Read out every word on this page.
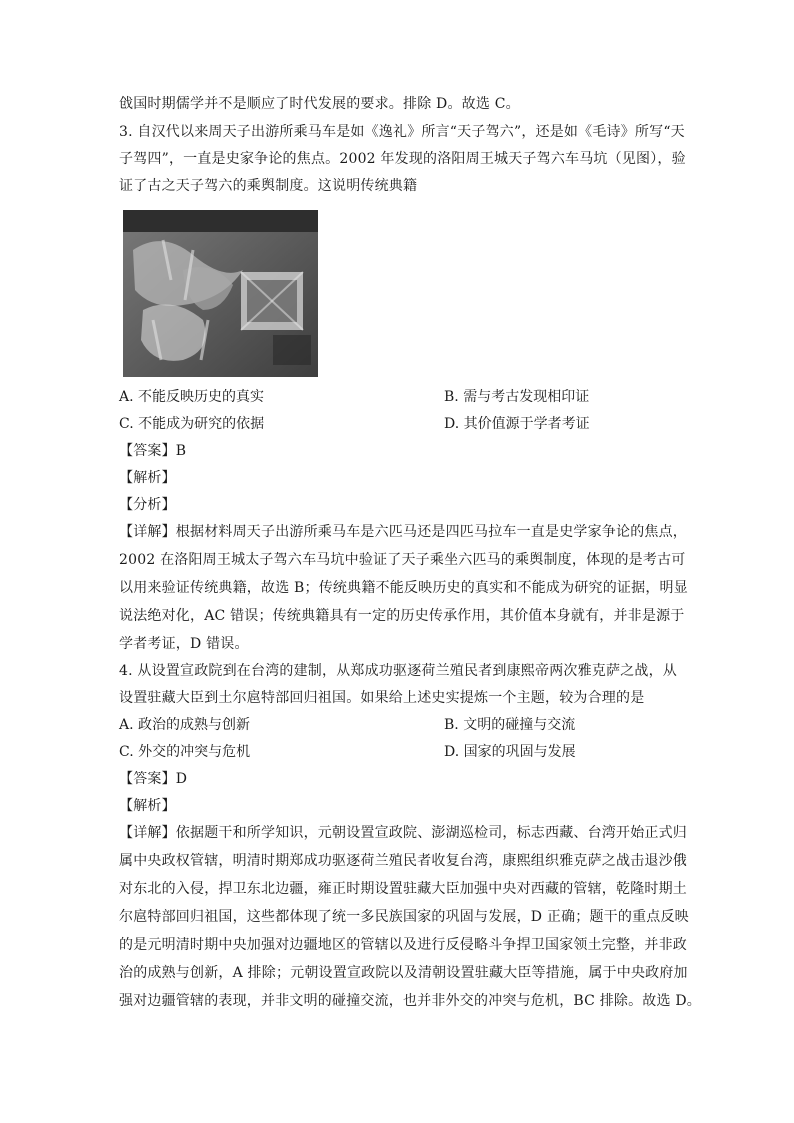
戗国时期儒学并不是顺应了时代发展的要求。排除 D。故选 C。
3. 自汉代以来周天子出游所乘马车是如《逸礼》所言“天子驾六”，还是如《毛诗》所写“天
子驾四”，一直是史家争论的焦点。2002 年发现的洛阳周王城天子驾六车马坑（见图），验
证了古之天子驾六的乘舆制度。这说明传统典籍
A. 不能反映历史的真实	B. 需与考古发现相印证
C. 不能成为研究的依据	D. 其价值源于学者考证
【答案】B
【解析】
【分析】
【详解】根据材料周天子出游所乘马车是六匹马还是四匹马拉车一直是史学家争论的焦点，
2002 在洛阳周王城太子驾六车马坑中验证了天子乘坐六匹马的乘舆制度，体现的是考古可
以用来验证传统典籍，故选 B；传统典籍不能反映历史的真实和不能成为研究的证据，明显
说法绝对化，AC 错误；传统典籍具有一定的历史传承作用，其价值本身就有，并非是源于
学者考证，D 错误。
4. 从设置宣政院到在台湾的建制，从郑成功驱逐荷兰殖民者到康熙帝两次雅克萨之战，从
设置驻藏大臣到土尔扈特部回归祖国。如果给上述史实提炼一个主题，较为合理的是
A. 政治的成熟与创新	B. 文明的碰撞与交流
C. 外交的冲突与危机	D. 国家的巩固与发展
【答案】D
【解析】
【详解】依据题干和所学知识，元朝设置宣政院、澎湖巡检司，标志西藏、台湾开始正式归
属中央政权管辖，明清时期郑成功驱逐荷兰殖民者收复台湾，康熙组织雅克萨之战击退沙俄
对东北的入侵，捍卫东北边疆，雍正时期设置驻藏大臣加强中央对西藏的管辖，乾隆时期土
尔扈特部回归祖国，这些都体现了统一多民族国家的巩固与发展，D 正确；题干的重点反映
的是元明清时期中央加强对边疆地区的管辖以及进行反侵略斗争捍卫国家领土完整，并非政
治的成熟与创新，A 排除；元朝设置宣政院以及清朝设置驻藏大臣等措施，属于中央政府加
强对边疆管辖的表现，并非文明的碰撞交流，也并非外交的冲突与危机，BC 排除。故选 D。
